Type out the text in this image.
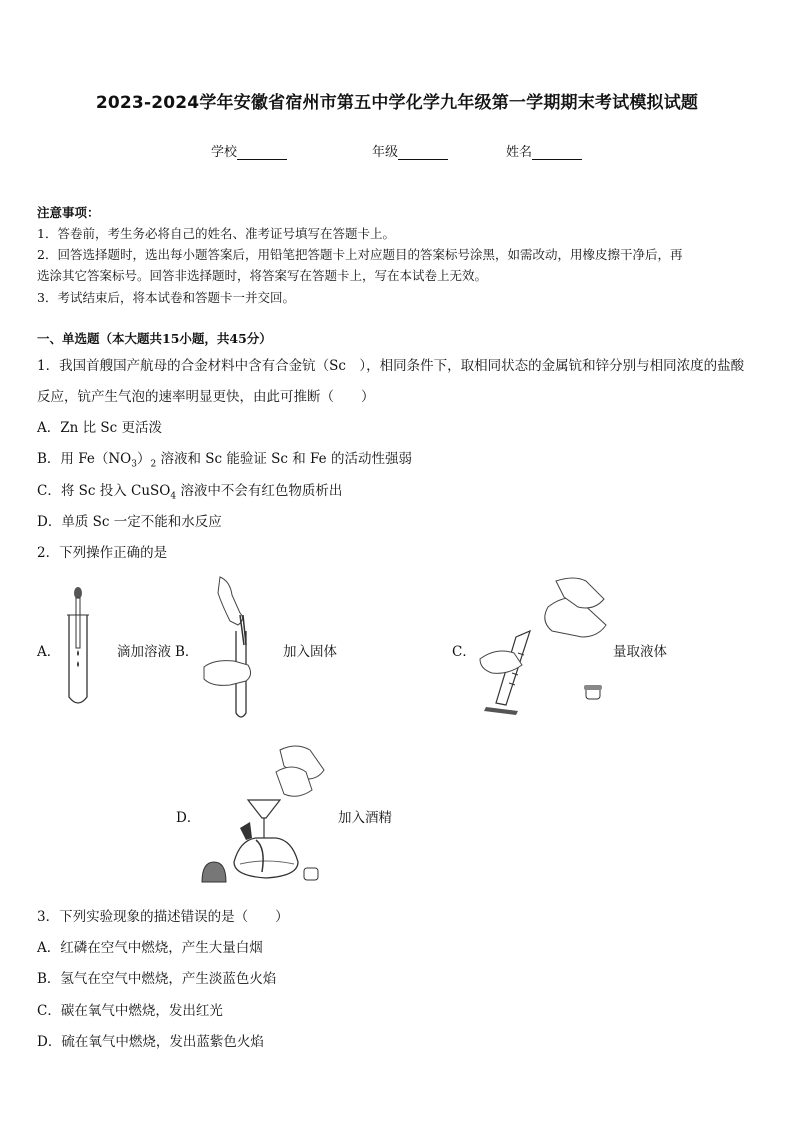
2023-2024学年安徽省宿州市第五中学化学九年级第一学期期末考试模拟试题
学校	年级	姓名
注意事项：
1．答卷前，考生务必将自己的姓名、准考证号填写在答题卡上。
2．回答选择题时，选出每小题答案后，用铅笔把答题卡上对应题目的答案标号涂黑，如需改动，用橡皮擦干净后，再
选涂其它答案标号。回答非选择题时，将答案写在答题卡上，写在本试卷上无效。
3．考试结束后，将本试卷和答题卡一并交回。
一、单选题（本大题共15小题，共45分）
1．我国首艘国产航母的合金材料中含有合金钪（Sc　），相同条件下，取相同状态的金属钪和锌分别与相同浓度的盐酸
反应，钪产生气泡的速率明显更快，由此可推断（　　）
A．Zn 比 Sc 更活泼
B．用 $Fe(NO_3)_2$ 溶液和 Sc 能验证 Sc 和 Fe 的活动性强弱
C．将 Sc 投入 CuSO$_4$ 溶液中不会有红色物质析出
D．单质 Sc 一定不能和水反应
2．下列操作正确的是
A．	滴加溶液 B．	加入固体	C．	量取液体
D．	加入酒精
3．下列实验现象的描述错误的是（　　）
A．红磷在空气中燃烧，产生大量白烟
B．氢气在空气中燃烧，产生淡蓝色火焰
C．碳在氧气中燃烧，发出红光
D．硫在氧气中燃烧，发出蓝紫色火焰
